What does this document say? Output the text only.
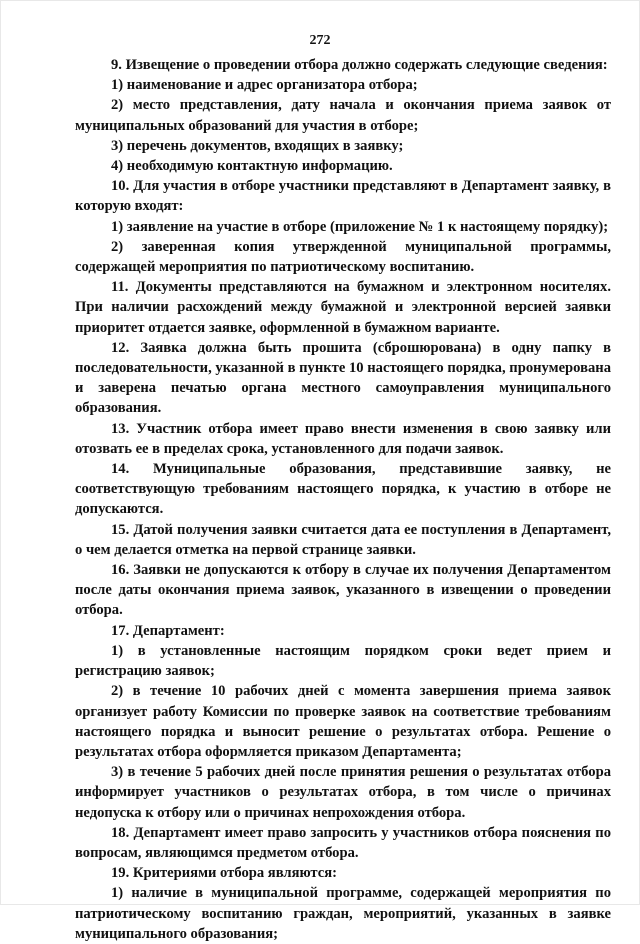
272

9. Извещение о проведении отбора должно содержать следующие сведения:

1) наименование и адрес организатора отбора;

2) место представления, дату начала и окончания приема заявок от муниципальных образований для участия в отборе;

3) перечень документов, входящих в заявку;

4) необходимую контактную информацию.

10. Для участия в отборе участники представляют в Департамент заявку, в которую входят:

1) заявление на участие в отборе (приложение № 1 к настоящему порядку);

2) заверенная копия утвержденной муниципальной программы, содержащей мероприятия по патриотическому воспитанию.

11. Документы представляются на бумажном и электронном носителях. При наличии расхождений между бумажной и электронной версией заявки приоритет отдается заявке, оформленной в бумажном варианте.

12. Заявка должна быть прошита (сброшюрована) в одну папку в последовательности, указанной в пункте 10 настоящего порядка, пронумерована и заверена печатью органа местного самоуправления муниципального образования.

13. Участник отбора имеет право внести изменения в свою заявку или отозвать ее в пределах срока, установленного для подачи заявок.

14. Муниципальные образования, представившие заявку, не соответствующую требованиям настоящего порядка, к участию в отборе не допускаются.

15. Датой получения заявки считается дата ее поступления в Департамент, о чем делается отметка на первой странице заявки.

16. Заявки не допускаются к отбору в случае их получения Департаментом после даты окончания приема заявок, указанного в извещении о проведении отбора.

17. Департамент:

1) в установленные настоящим порядком сроки ведет прием и регистрацию заявок;

2) в течение 10 рабочих дней с момента завершения приема заявок организует работу Комиссии по проверке заявок на соответствие требованиям настоящего порядка и выносит решение о результатах отбора. Решение о результатах отбора оформляется приказом Департамента;

3) в течение 5 рабочих дней после принятия решения о результатах отбора информирует участников о результатах отбора, в том числе о причинах недопуска к отбору или о причинах непрохождения отбора.

18. Департамент имеет право запросить у участников отбора пояснения по вопросам, являющимся предметом отбора.

19. Критериями отбора являются:

1) наличие в муниципальной программе, содержащей мероприятия по патриотическому воспитанию граждан, мероприятий, указанных в заявке муниципального образования;
